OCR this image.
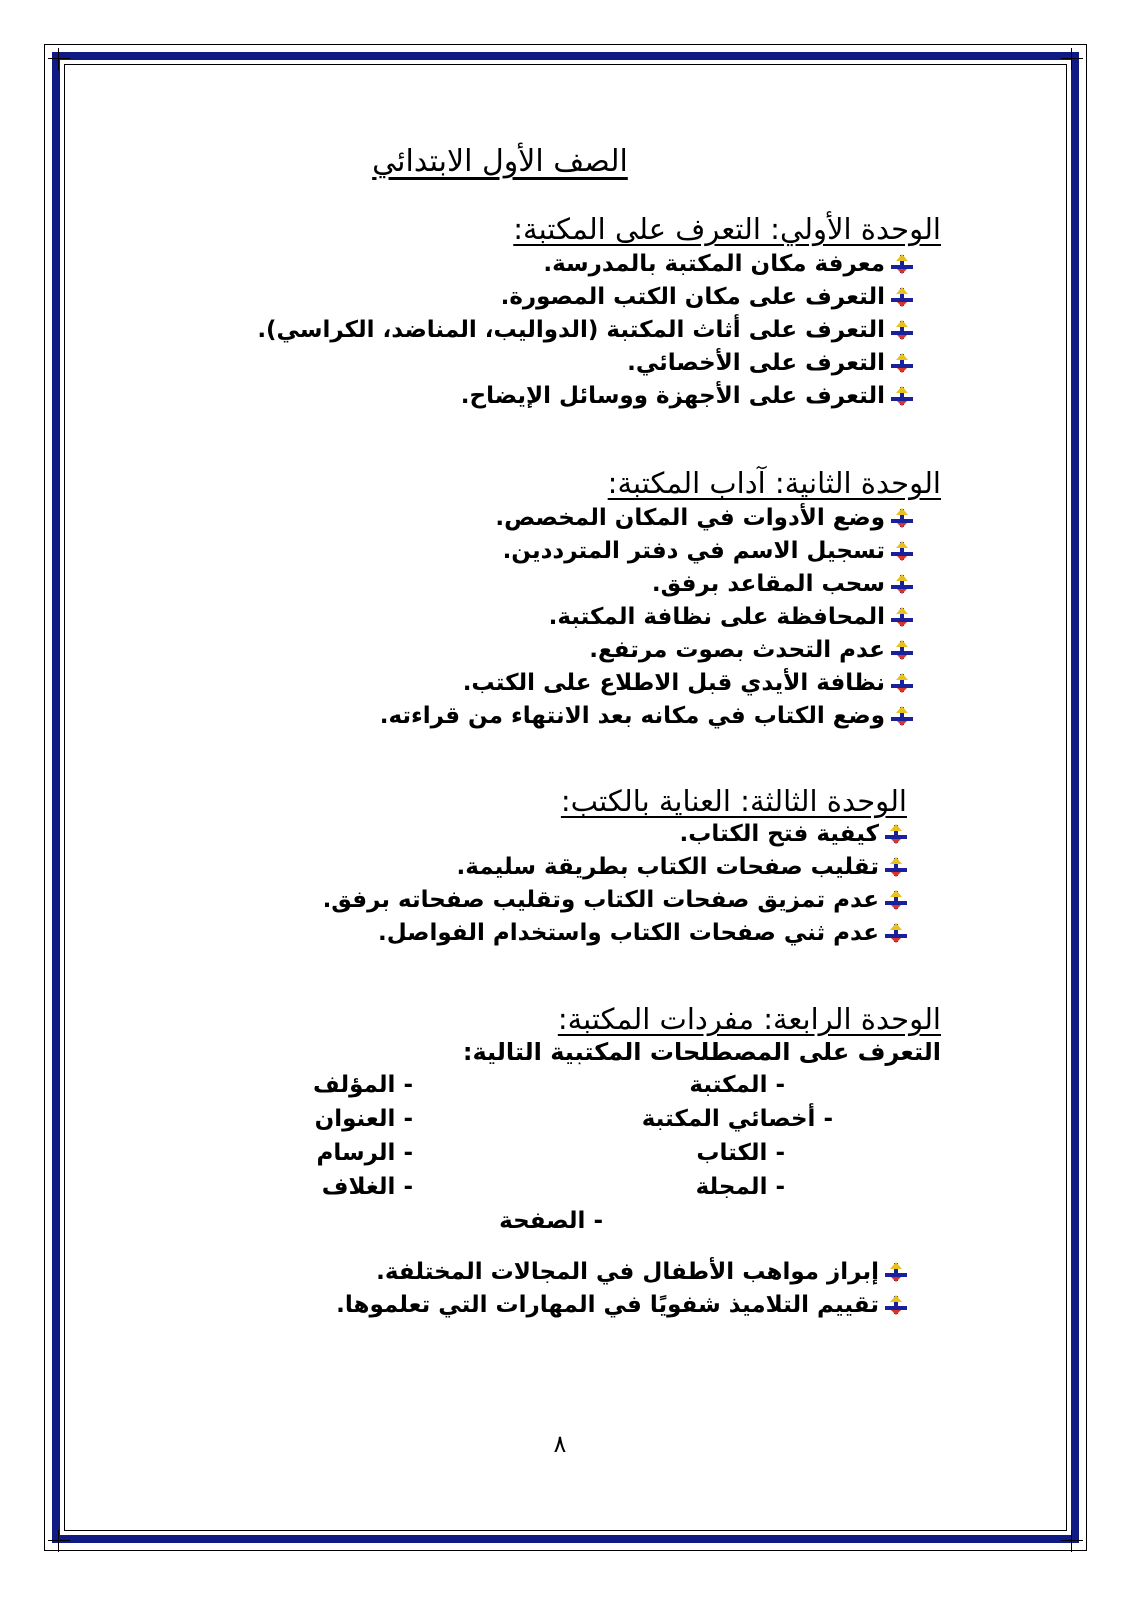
الصف الأول الابتدائي
الوحدة الأولي: التعرف على المكتبة:
معرفة مكان المكتبة بالمدرسة.
التعرف على مكان الكتب المصورة.
التعرف على أثاث المكتبة (الدواليب، المناضد، الكراسي).
التعرف على الأخصائي.
التعرف على الأجهزة ووسائل الإيضاح.
الوحدة الثانية: آداب المكتبة:
وضع الأدوات في المكان المخصص.
تسجيل الاسم في دفتر المترددين.
سحب المقاعد برفق.
المحافظة على نظافة المكتبة.
عدم التحدث بصوت مرتفع.
نظافة الأيدي قبل الاطلاع على الكتب.
وضع الكتاب في مكانه بعد الانتهاء من قراءته.
الوحدة الثالثة: العناية بالكتب:
كيفية فتح الكتاب.
تقليب صفحات الكتاب بطريقة سليمة.
عدم تمزيق صفحات الكتاب وتقليب صفحاته برفق.
عدم ثني صفحات الكتاب واستخدام الفواصل.
الوحدة الرابعة: مفردات المكتبة:
التعرف على المصطلحات المكتبية التالية:
- المكتبة
- أخصائي المكتبة
- الكتاب
- المجلة
- المؤلف
- العنوان
- الرسام
- الغلاف
- الصفحة
إبراز مواهب الأطفال في المجالات المختلفة.
تقييم التلاميذ شفويًا في المهارات التي تعلموها.
٨
